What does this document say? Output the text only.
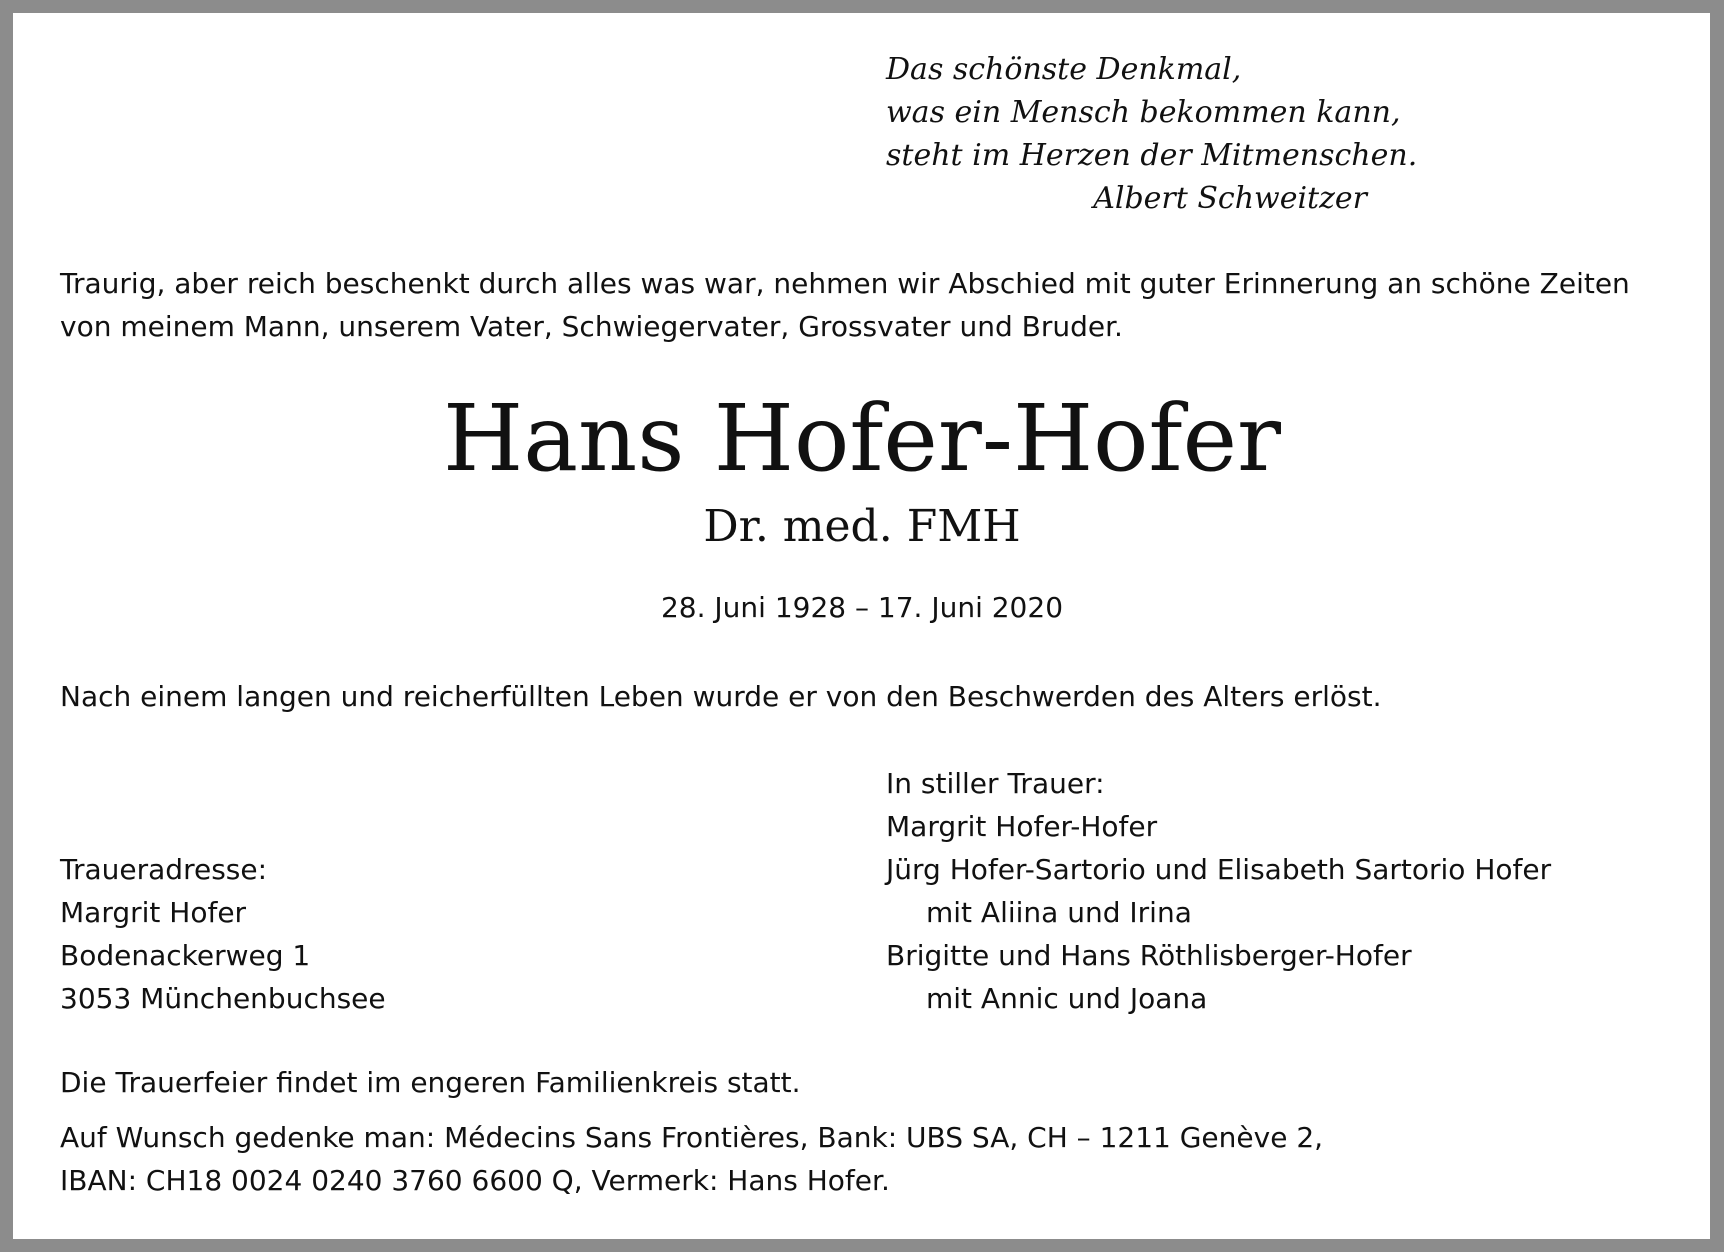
Das schönste Denkmal,
was ein Mensch bekommen kann,
steht im Herzen der Mitmenschen.
Albert Schweitzer
Traurig, aber reich beschenkt durch alles was war, nehmen wir Abschied mit guter Erinnerung an schöne Zeiten
von meinem Mann, unserem Vater, Schwiegervater, Grossvater und Bruder.
Hans Hofer-Hofer
Dr. med. FMH
28. Juni 1928 – 17. Juni 2020
Nach einem langen und reicherfüllten Leben wurde er von den Beschwerden des Alters erlöst.
In stiller Trauer:
Margrit Hofer-Hofer
Jürg Hofer-Sartorio und Elisabeth Sartorio Hofer
mit Aliina und Irina
Brigitte und Hans Röthlisberger-Hofer
mit Annic und Joana
Traueradresse:
Margrit Hofer
Bodenackerweg 1
3053 Münchenbuchsee
Die Trauerfeier findet im engeren Familienkreis statt.
Auf Wunsch gedenke man: Médecins Sans Frontières, Bank: UBS SA, CH – 1211 Genève 2,
IBAN: CH18 0024 0240 3760 6600 Q, Vermerk: Hans Hofer.
